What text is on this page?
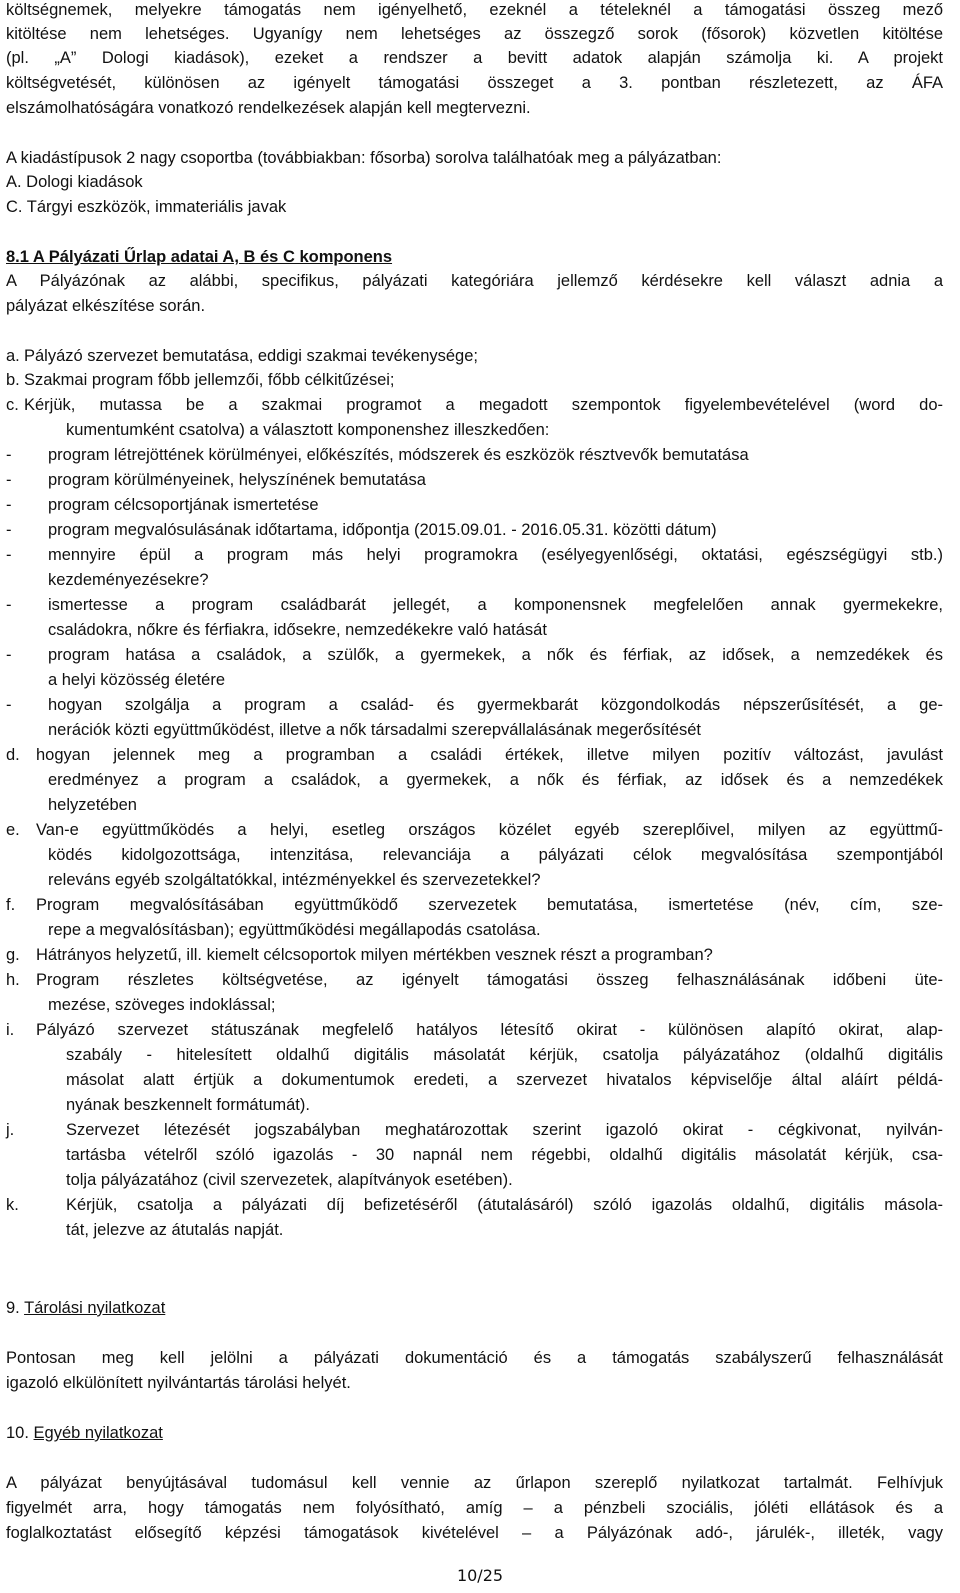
költségnemek, melyekre támogatás nem igényelhető, ezeknél a tételeknél a támogatási összeg mező
kitöltése nem lehetséges. Ugyanígy nem lehetséges az összegző sorok (fősorok) közvetlen kitöltése
(pl. „A” Dologi kiadások), ezeket a rendszer a bevitt adatok alapján számolja ki. A projekt
költségvetését, különösen az igényelt támogatási összeget a 3. pontban részletezett, az ÁFA
elszámolhatóságára vonatkozó rendelkezések alapján kell megtervezni.
A kiadástípusok 2 nagy csoportba (továbbiakban: fősorba) sorolva találhatóak meg a pályázatban:
A. Dologi kiadások
C. Tárgyi eszközök, immateriális javak
8.1 A Pályázati Űrlap adatai A, B és C komponens
A Pályázónak az alábbi, specifikus, pályázati kategóriára jellemző kérdésekre kell választ adnia a
pályázat elkészítése során.
a. Pályázó szervezet bemutatása, eddigi szakmai tevékenysége;
b. Szakmai program főbb jellemzői, főbb célkitűzései;
c. Kérjük, mutassa be a szakmai programot a megadott szempontok figyelembevételével (word do-
kumentumként csatolva) a választott komponenshez illeszkedően:
-	program létrejöttének körülményei, előkészítés, módszerek és eszközök résztvevők bemutatása
-	program körülményeinek, helyszínének bemutatása
-	program célcsoportjának ismertetése
-	program megvalósulásának időtartama, időpontja (2015.09.01. - 2016.05.31. közötti dátum)
-	mennyire épül a program más helyi programokra (esélyegyenlőségi, oktatási, egészségügyi stb.)
kezdeményezésekre?
-	ismertesse a program családbarát jellegét, a komponensnek megfelelően annak gyermekekre,
családokra, nőkre és férfiakra, idősekre, nemzedékekre való hatását
-	program hatása a családok, a szülők, a gyermekek, a nők és férfiak, az idősek, a nemzedékek és
a helyi közösség életére
-	hogyan szolgálja a program a család- és gyermekbarát közgondolkodás népszerűsítését, a ge-
nerációk közti együttműködést, illetve a nők társadalmi szerepvállalásának megerősítését
d. hogyan jelennek meg a programban a családi értékek, illetve milyen pozitív változást, javulást
eredményez a program a családok, a gyermekek, a nők és férfiak, az idősek és a nemzedékek
helyzetében
e. Van-e együttműködés a helyi, esetleg országos közélet egyéb szereplőivel, milyen az együttmű-
ködés kidolgozottsága, intenzitása, relevanciája a pályázati célok megvalósítása szempontjából
releváns egyéb szolgáltatókkal, intézményekkel és szervezetekkel?
f.	Program megvalósításában együttműködő szervezetek bemutatása, ismertetése (név, cím, sze-
repe a megvalósításban); együttműködési megállapodás csatolása.
g. Hátrányos helyzetű, ill. kiemelt célcsoportok milyen mértékben vesznek részt a programban?
h. Program részletes költségvetése, az igényelt támogatási összeg felhasználásának időbeni üte-
mezése, szöveges indoklással;
i.	Pályázó szervezet státuszának megfelelő hatályos létesítő okirat - különösen alapító okirat, alap-
szabály - hitelesített oldalhű digitális másolatát kérjük, csatolja pályázatához (oldalhű digitális
másolat alatt értjük a dokumentumok eredeti, a szervezet hivatalos képviselője által aláírt példá-
nyának beszkennelt formátumát).
j.	Szervezet létezését jogszabályban meghatározottak szerint igazoló okirat - cégkivonat, nyilván-
tartásba vételről szóló igazolás - 30 napnál nem régebbi, oldalhű digitális másolatát kérjük, csa-
tolja pályázatához (civil szervezetek, alapítványok esetében).
k.	Kérjük, csatolja a pályázati díj befizetéséről (átutalásáról) szóló igazolás oldalhű, digitális másola-
tát, jelezve az átutalás napját.
9. Tárolási nyilatkozat
Pontosan meg kell jelölni a pályázati dokumentáció és a támogatás szabályszerű felhasználását
igazoló elkülönített nyilvántartás tárolási helyét.
10. Egyéb nyilatkozat
A pályázat benyújtásával tudomásul kell vennie az űrlapon szereplő nyilatkozat tartalmát. Felhívjuk
figyelmét arra, hogy támogatás nem folyósítható, amíg – a pénzbeli szociális, jóléti ellátások és a
foglalkoztatást elősegítő képzési támogatások kivételével – a Pályázónak adó-, járulék-, illeték, vagy
10/25
